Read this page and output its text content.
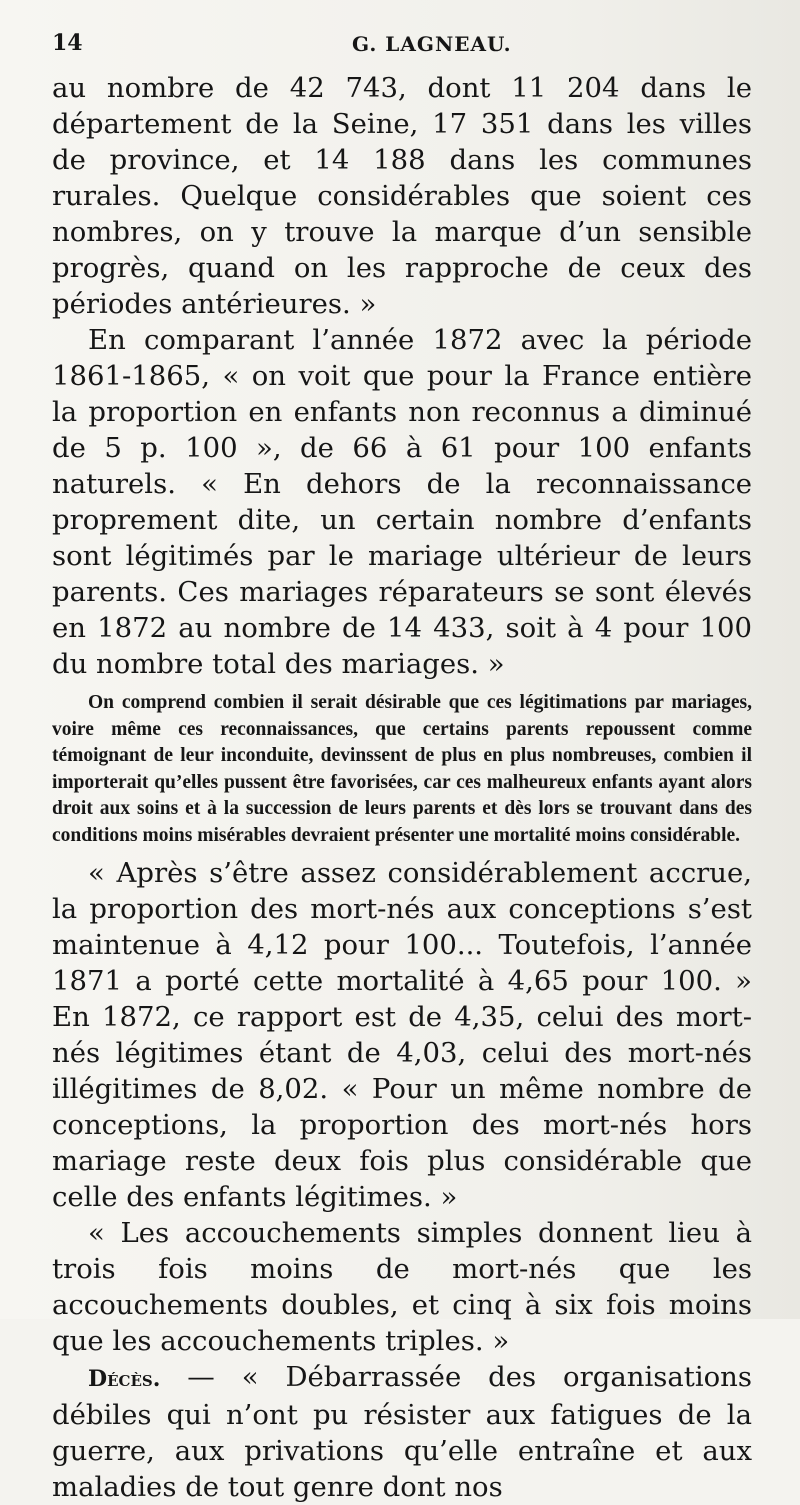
14	G. LAGNEAU.

au nombre de 42 743, dont 11 204 dans le département de la Seine, 17 351 dans les villes de province, et 14 188 dans les communes rurales. Quelque considérables que soient ces nombres, on y trouve la marque d’un sensible progrès, quand on les rapproche de ceux des périodes antérieures. »

En comparant l’année 1872 avec la période 1861-1865, « on voit que pour la France entière la proportion en enfants non reconnus a diminué de 5 p. 100 », de 66 à 61 pour 100 enfants naturels. « En dehors de la reconnaissance proprement dite, un certain nombre d’enfants sont légitimés par le mariage ultérieur de leurs parents. Ces mariages réparateurs se sont élevés en 1872 au nombre de 14 433, soit à 4 pour 100 du nombre total des mariages. »

On comprend combien il serait désirable que ces légitimations par mariages, voire même ces reconnaissances, que certains parents repoussent comme témoignant de leur inconduite, devinssent de plus en plus nombreuses, combien il importerait qu’elles pussent être favorisées, car ces malheureux enfants ayant alors droit aux soins et à la succession de leurs parents et dès lors se trouvant dans des conditions moins misérables devraient présenter une mortalité moins considérable.

« Après s’être assez considérablement accrue, la proportion des mort-nés aux conceptions s’est maintenue à 4,12 pour 100... Toutefois, l’année 1871 a porté cette mortalité à 4,65 pour 100. » En 1872, ce rapport est de 4,35, celui des mort-nés légitimes étant de 4,03, celui des mort-nés illégitimes de 8,02. « Pour un même nombre de conceptions, la proportion des mort-nés hors mariage reste deux fois plus considérable que celle des enfants légitimes. »

« Les accouchements simples donnent lieu à trois fois moins de mort-nés que les accouchements doubles, et cinq à six fois moins que les accouchements triples. »

Décès. — « Débarrassée des organisations débiles qui n’ont pu résister aux fatigues de la guerre, aux privations qu’elle entraîne et aux maladies de tout genre dont nos
